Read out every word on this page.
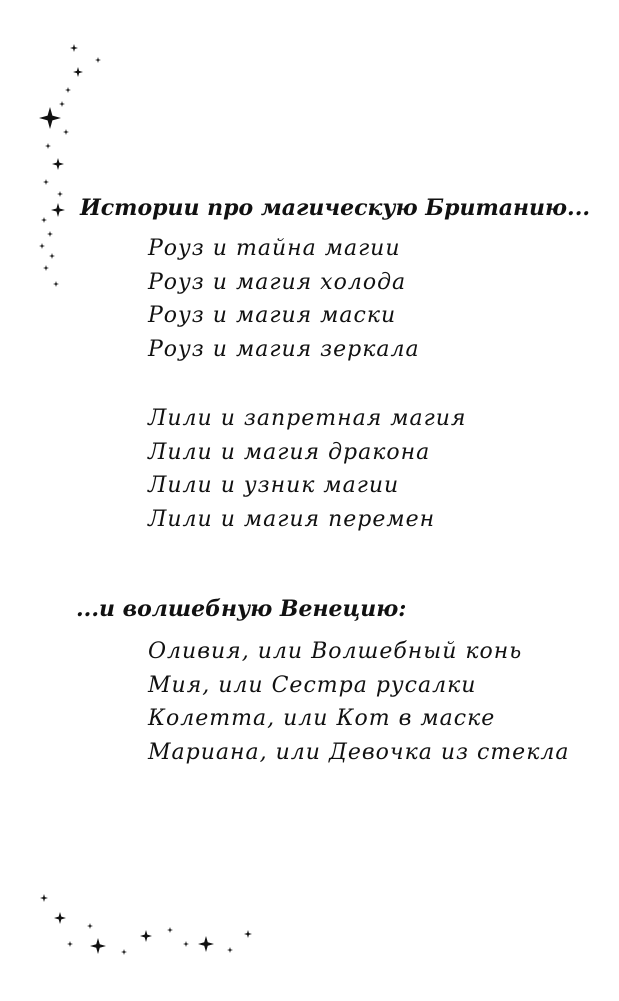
Истории про магическую Британию...
Роуз и тайна магии
Роуз и магия холода
Роуз и магия маски
Роуз и магия зеркала
Лили и запретная магия
Лили и магия дракона
Лили и узник магии
Лили и магия перемен
...и волшебную Венецию:
Оливия, или Волшебный конь
Мия, или Сестра русалки
Колетта, или Кот в маске
Мариана, или Девочка из стекла
